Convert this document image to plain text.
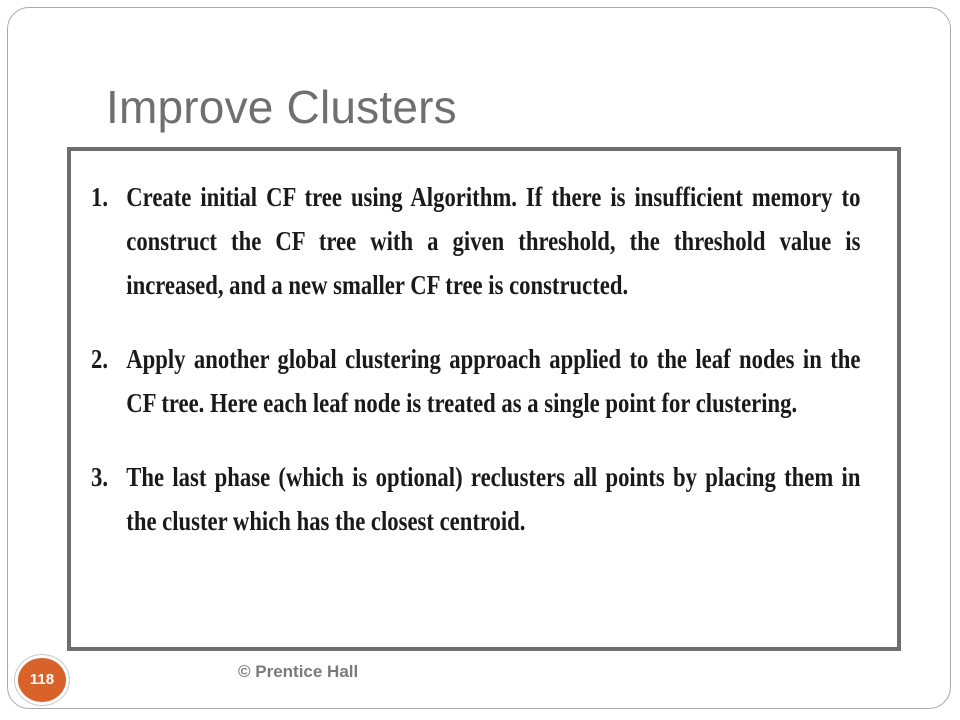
Improve Clusters
1. Create initial CF tree using Algorithm. If there is insufficient memory to construct the CF tree with a given threshold, the threshold value is increased, and a new smaller CF tree is constructed.
2. Apply another global clustering approach applied to the leaf nodes in the CF tree. Here each leaf node is treated as a single point for clustering.
3. The last phase (which is optional) reclusters all points by placing them in the cluster which has the closest centroid.
118	© Prentice Hall
